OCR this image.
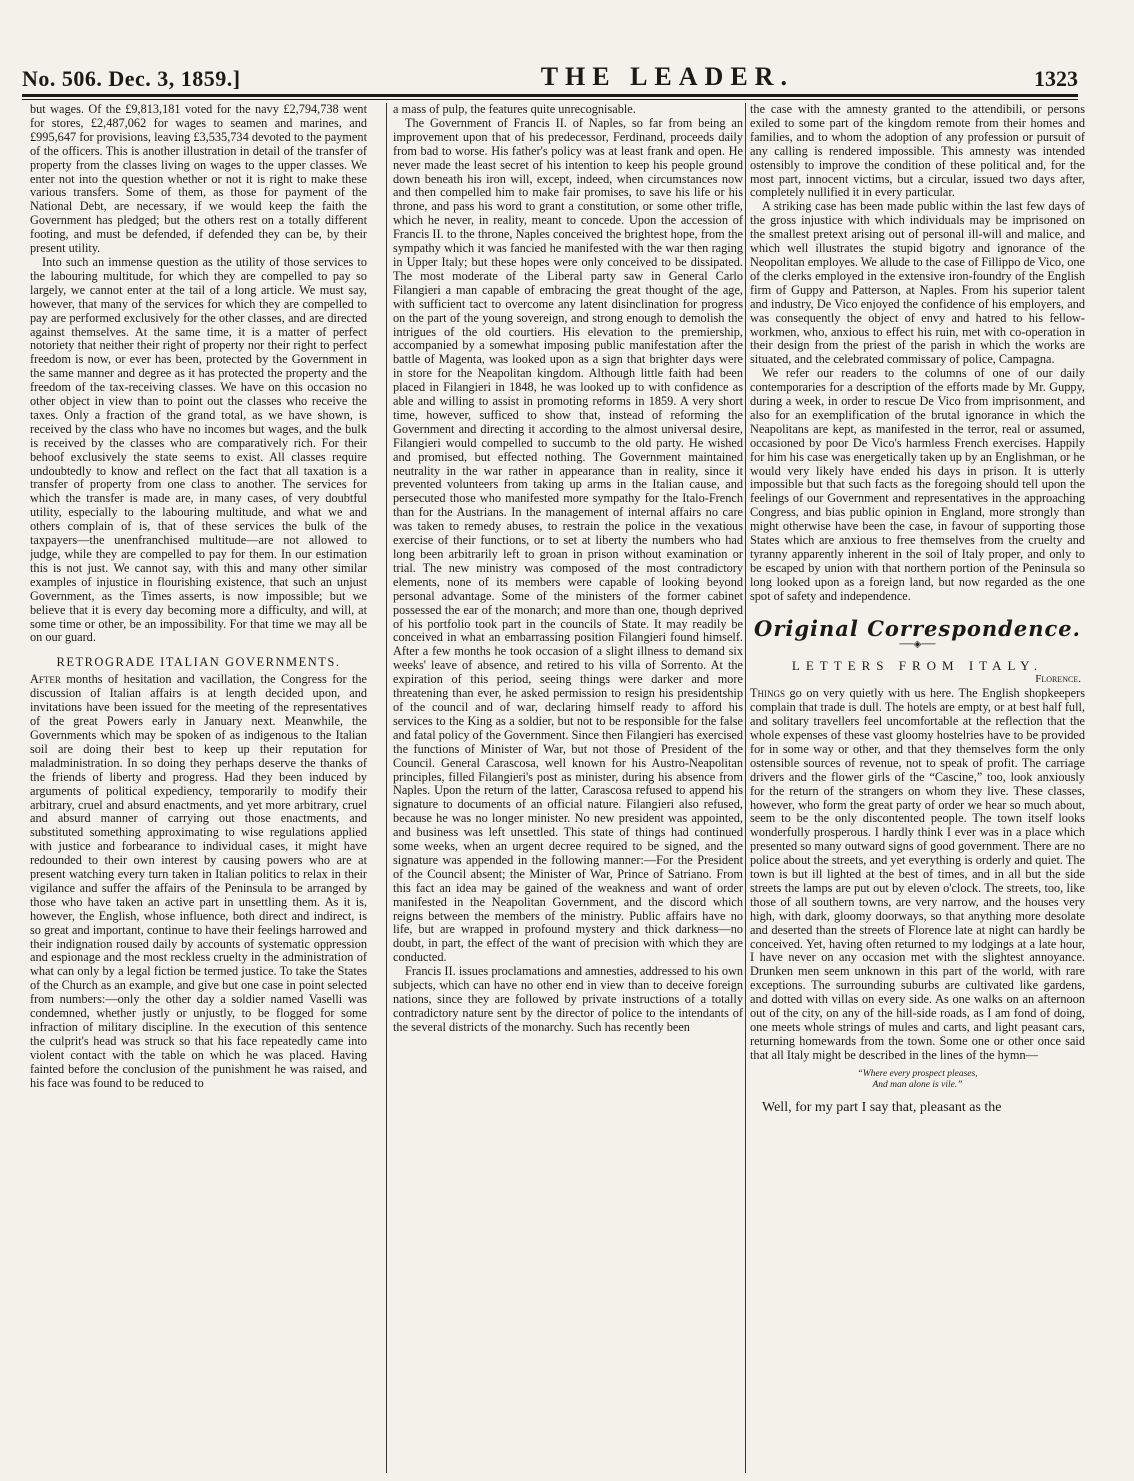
No. 506. Dec. 3, 1859.]	THE LEADER.	1323

but wages. Of the £9,813,181 voted for the navy £2,794,738 went for stores, £2,487,062 for wages to seamen and marines, and £995,647 for provisions, leaving £3,535,734 devoted to the payment of the officers. This is another illustration in detail of the transfer of property from the classes living on wages to the upper classes. We enter not into the question whether or not it is right to make these various transfers. Some of them, as those for payment of the National Debt, are necessary, if we would keep the faith the Government has pledged; but the others rest on a totally different footing, and must be defended, if defended they can be, by their present utility.

Into such an immense question as the utility of those services to the labouring multitude, for which they are compelled to pay so largely, we cannot enter at the tail of a long article. We must say, however, that many of the services for which they are compelled to pay are performed exclusively for the other classes, and are directed against themselves. At the same time, it is a matter of perfect notoriety that neither their right of property nor their right to perfect freedom is now, or ever has been, protected by the Government in the same manner and degree as it has protected the property and the freedom of the tax-receiving classes. We have on this occasion no other object in view than to point out the classes who receive the taxes. Only a fraction of the grand total, as we have shown, is received by the class who have no incomes but wages, and the bulk is received by the classes who are comparatively rich. For their behoof exclusively the state seems to exist. All classes require undoubtedly to know and reflect on the fact that all taxation is a transfer of property from one class to another. The services for which the transfer is made are, in many cases, of very doubtful utility, especially to the labouring multitude, and what we and others complain of is, that of these services the bulk of the taxpayers—the unenfranchised multitude—are not allowed to judge, while they are compelled to pay for them. In our estimation this is not just. We cannot say, with this and many other similar examples of injustice in flourishing existence, that such an unjust Government, as the Times asserts, is now impossible; but we believe that it is every day becoming more a difficulty, and will, at some time or other, be an impossibility. For that time we may all be on our guard.

RETROGRADE ITALIAN GOVERNMENTS.

After months of hesitation and vacillation, the Congress for the discussion of Italian affairs is at length decided upon, and invitations have been issued for the meeting of the representatives of the great Powers early in January next. Meanwhile, the Governments which may be spoken of as indigenous to the Italian soil are doing their best to keep up their reputation for maladministration. In so doing they perhaps deserve the thanks of the friends of liberty and progress. Had they been induced by arguments of political expediency, temporarily to modify their arbitrary, cruel and absurd enactments, and yet more arbitrary, cruel and absurd manner of carrying out those enactments, and substituted something approximating to wise regulations applied with justice and forbearance to individual cases, it might have redounded to their own interest by causing powers who are at present watching every turn taken in Italian politics to relax in their vigilance and suffer the affairs of the Peninsula to be arranged by those who have taken an active part in unsettling them. As it is, however, the English, whose influence, both direct and indirect, is so great and important, continue to have their feelings harrowed and their indignation roused daily by accounts of systematic oppression and espionage and the most reckless cruelty in the administration of what can only by a legal fiction be termed justice. To take the States of the Church as an example, and give but one case in point selected from numbers:—only the other day a soldier named Vaselli was condemned, whether justly or unjustly, to be flogged for some infraction of military discipline. In the execution of this sentence the culprit's head was struck so that his face repeatedly came into violent contact with the table on which he was placed. Having fainted before the conclusion of the punishment he was raised, and his face was found to be reduced to

a mass of pulp, the features quite unrecognisable.

The Government of Francis II. of Naples, so far from being an improvement upon that of his predecessor, Ferdinand, proceeds daily from bad to worse. His father's policy was at least frank and open. He never made the least secret of his intention to keep his people ground down beneath his iron will, except, indeed, when circumstances now and then compelled him to make fair promises, to save his life or his throne, and pass his word to grant a constitution, or some other trifle, which he never, in reality, meant to concede. Upon the accession of Francis II. to the throne, Naples conceived the brightest hope, from the sympathy which it was fancied he manifested with the war then raging in Upper Italy; but these hopes were only conceived to be dissipated. The most moderate of the Liberal party saw in General Carlo Filangieri a man capable of embracing the great thought of the age, with sufficient tact to overcome any latent disinclination for progress on the part of the young sovereign, and strong enough to demolish the intrigues of the old courtiers. His elevation to the premiership, accompanied by a somewhat imposing public manifestation after the battle of Magenta, was looked upon as a sign that brighter days were in store for the Neapolitan kingdom. Although little faith had been placed in Filangieri in 1848, he was looked up to with confidence as able and willing to assist in promoting reforms in 1859. A very short time, however, sufficed to show that, instead of reforming the Government and directing it according to the almost universal desire, Filangieri would compelled to succumb to the old party. He wished and promised, but effected nothing. The Government maintained neutrality in the war rather in appearance than in reality, since it prevented volunteers from taking up arms in the Italian cause, and persecuted those who manifested more sympathy for the Italo-French than for the Austrians. In the management of internal affairs no care was taken to remedy abuses, to restrain the police in the vexatious exercise of their functions, or to set at liberty the numbers who had long been arbitrarily left to groan in prison without examination or trial. The new ministry was composed of the most contradictory elements, none of its members were capable of looking beyond personal advantage. Some of the ministers of the former cabinet possessed the ear of the monarch; and more than one, though deprived of his portfolio took part in the councils of State. It may readily be conceived in what an embarrassing position Filangieri found himself. After a few months he took occasion of a slight illness to demand six weeks' leave of absence, and retired to his villa of Sorrento. At the expiration of this period, seeing things were darker and more threatening than ever, he asked permission to resign his presidentship of the council and of war, declaring himself ready to afford his services to the King as a soldier, but not to be responsible for the false and fatal policy of the Government. Since then Filangieri has exercised the functions of Minister of War, but not those of President of the Council. General Carascosa, well known for his Austro-Neapolitan principles, filled Filangieri's post as minister, during his absence from Naples. Upon the return of the latter, Carascosa refused to append his signature to documents of an official nature. Filangieri also refused, because he was no longer minister. No new president was appointed, and business was left unsettled. This state of things had continued some weeks, when an urgent decree required to be signed, and the signature was appended in the following manner:—For the President of the Council absent; the Minister of War, Prince of Satriano. From this fact an idea may be gained of the weakness and want of order manifested in the Neapolitan Government, and the discord which reigns between the members of the ministry. Public affairs have no life, but are wrapped in profound mystery and thick darkness—no doubt, in part, the effect of the want of precision with which they are conducted.

Francis II. issues proclamations and amnesties, addressed to his own subjects, which can have no other end in view than to deceive foreign nations, since they are followed by private instructions of a totally contradictory nature sent by the director of police to the intendants of the several districts of the monarchy. Such has recently been

the case with the amnesty granted to the attendibili, or persons exiled to some part of the kingdom remote from their homes and families, and to whom the adoption of any profession or pursuit of any calling is rendered impossible. This amnesty was intended ostensibly to improve the condition of these political and, for the most part, innocent victims, but a circular, issued two days after, completely nullified it in every particular.

A striking case has been made public within the last few days of the gross injustice with which individuals may be imprisoned on the smallest pretext arising out of personal ill-will and malice, and which well illustrates the stupid bigotry and ignorance of the Neopolitan employes. We allude to the case of Fillippo de Vico, one of the clerks employed in the extensive iron-foundry of the English firm of Guppy and Patterson, at Naples. From his superior talent and industry, De Vico enjoyed the confidence of his employers, and was consequently the object of envy and hatred to his fellow-workmen, who, anxious to effect his ruin, met with co-operation in their design from the priest of the parish in which the works are situated, and the celebrated commissary of police, Campagna.

We refer our readers to the columns of one of our daily contemporaries for a description of the efforts made by Mr. Guppy, during a week, in order to rescue De Vico from imprisonment, and also for an exemplification of the brutal ignorance in which the Neapolitans are kept, as manifested in the terror, real or assumed, occasioned by poor De Vico's harmless French exercises. Happily for him his case was energetically taken up by an Englishman, or he would very likely have ended his days in prison. It is utterly impossible but that such facts as the foregoing should tell upon the feelings of our Government and representatives in the approaching Congress, and bias public opinion in England, more strongly than might otherwise have been the case, in favour of supporting those States which are anxious to free themselves from the cruelty and tyranny apparently inherent in the soil of Italy proper, and only to be escaped by union with that northern portion of the Peninsula so long looked upon as a foreign land, but now regarded as the one spot of safety and independence.

Original Correspondence.
──◈──
LETTERS FROM ITALY.
Florence.

Things go on very quietly with us here. The English shopkeepers complain that trade is dull. The hotels are empty, or at best half full, and solitary travellers feel uncomfortable at the reflection that the whole expenses of these vast gloomy hostelries have to be provided for in some way or other, and that they themselves form the only ostensible sources of revenue, not to speak of profit. The carriage drivers and the flower girls of the “Cascine,” too, look anxiously for the return of the strangers on whom they live. These classes, however, who form the great party of order we hear so much about, seem to be the only discontented people. The town itself looks wonderfully prosperous. I hardly think I ever was in a place which presented so many outward signs of good government. There are no police about the streets, and yet everything is orderly and quiet. The town is but ill lighted at the best of times, and in all but the side streets the lamps are put out by eleven o'clock. The streets, too, like those of all southern towns, are very narrow, and the houses very high, with dark, gloomy doorways, so that anything more desolate and deserted than the streets of Florence late at night can hardly be conceived. Yet, having often returned to my lodgings at a late hour, I have never on any occasion met with the slightest annoyance. Drunken men seem unknown in this part of the world, with rare exceptions. The surrounding suburbs are cultivated like gardens, and dotted with villas on every side. As one walks on an afternoon out of the city, on any of the hill-side roads, as I am fond of doing, one meets whole strings of mules and carts, and light peasant cars, returning homewards from the town. Some one or other once said that all Italy might be described in the lines of the hymn—

“Where every prospect pleases,
And man alone is vile.”

Well, for my part I say that, pleasant as the
